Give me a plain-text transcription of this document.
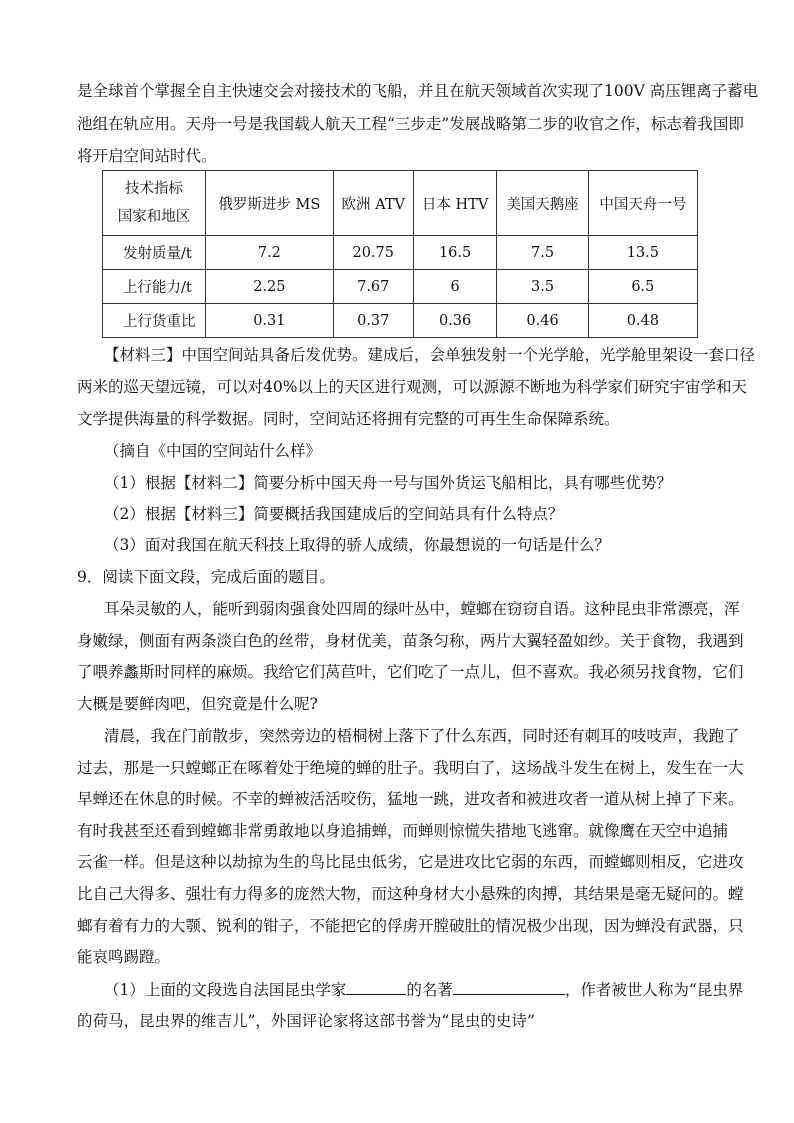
是全球首个掌握全自主快速交会对接技术的飞船，并且在航天领域首次实现了100V 高压锂离子蓄电
池组在轨应用。天舟一号是我国载人航天工程“三步走”发展战略第二步的收官之作，标志着我国即
将开启空间站时代。
技术指标
国家和地区	俄罗斯进步 MS	欧洲 ATV	日本 HTV	美国天鹅座	中国天舟一号
发射质量/t	7.2	20.75	16.5	7.5	13.5
上行能力/t	2.25	7.67	6	3.5	6.5
上行货重比	0.31	0.37	0.36	0.46	0.48
【材料三】中国空间站具备后发优势。建成后，会单独发射一个光学舱，光学舱里架设一套口径
两米的巡天望远镜，可以对40%以上的天区进行观测，可以源源不断地为科学家们研究宇宙学和天
文学提供海量的科学数据。同时，空间站还将拥有完整的可再生生命保障系统。
（摘自《中国的空间站什么样》
（1）根据【材料二】简要分析中国天舟一号与国外货运飞船相比，具有哪些优势？
（2）根据【材料三】简要概括我国建成后的空间站具有什么特点？
（3）面对我国在航天科技上取得的骄人成绩，你最想说的一句话是什么？
9．阅读下面文段，完成后面的题目。
耳朵灵敏的人，能听到弱肉强食处四周的绿叶丛中，螳螂在窃窃自语。这种昆虫非常漂亮，浑
身嫩绿，侧面有两条淡白色的丝带，身材优美，苗条匀称，两片大翼轻盈如纱。关于食物，我遇到
了喂养蠡斯时同样的麻烦。我给它们莴苣叶，它们吃了一点儿，但不喜欢。我必须另找食物，它们
大概是要鲜肉吧，但究竟是什么呢?
清晨，我在门前散步，突然旁边的梧桐树上落下了什么东西，同时还有刺耳的吱吱声，我跑了
过去，那是一只螳螂正在啄着处于绝境的蝉的肚子。我明白了，这场战斗发生在树上，发生在一大
早蝉还在休息的时候。不幸的蝉被活活咬伤，猛地一跳，进攻者和被进攻者一道从树上掉了下来。
有时我甚至还看到螳螂非常勇敢地以身追捕蝉，而蝉则惊慌失措地飞逃窜。就像鹰在天空中追捕
云雀一样。但是这种以劫掠为生的鸟比昆虫低劣，它是进攻比它弱的东西，而螳螂则相反，它进攻
比自己大得多、强壮有力得多的庞然大物，而这种身材大小悬殊的肉搏，其结果是毫无疑问的。螳
螂有着有力的大颚、锐利的钳子，不能把它的俘虏开膛破肚的情况极少出现，因为蝉没有武器，只
能哀鸣踢蹬。
（1）上面的文段选自法国昆虫学家	的名著	，作者被世人称为“昆虫界
的荷马，昆虫界的维吉儿”，外国评论家将这部书誉为“昆虫的史诗”
